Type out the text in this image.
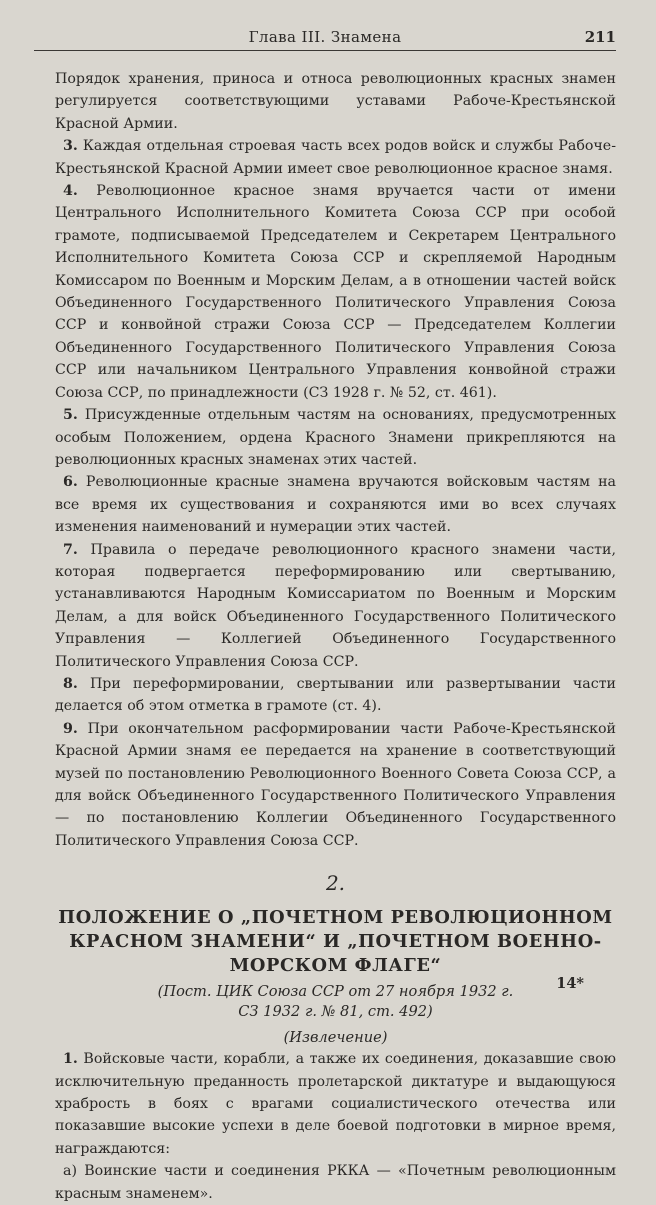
Глава III. Знамена	211

Порядок хранения, приноса и относа революционных красных знамен регулируется соответствующими уставами Рабоче-Крестьянской Красной Армии.

3. Каждая отдельная строевая часть всех родов войск и службы Рабоче-Крестьянской Красной Армии имеет свое революционное красное знамя.

4. Революционное красное знамя вручается части от имени Центрального Исполнительного Комитета Союза ССР при особой грамоте, подписываемой Председателем и Секретарем Центрального Исполнительного Комитета Союза ССР и скрепляемой Народным Комиссаром по Военным и Морским Делам, а в отношении частей войск Объединенного Государственного Политического Управления Союза ССР и конвойной стражи Союза ССР — Председателем Коллегии Объединенного Государственного Политического Управления Союза ССР или начальником Центрального Управления конвойной стражи Союза ССР, по принадлежности (СЗ 1928 г. № 52, ст. 461).

5. Присужденные отдельным частям на основаниях, предусмотренных особым Положением, ордена Красного Знамени прикрепляются на революционных красных знаменах этих частей.

6. Революционные красные знамена вручаются войсковым частям на все время их существования и сохраняются ими во всех случаях изменения наименований и нумерации этих частей.

7. Правила о передаче революционного красного знамени части, которая подвергается переформированию или свертыванию, устанавливаются Народным Комиссариатом по Военным и Морским Делам, а для войск Объединенного Государственного Политического Управления — Коллегией Объединенного Государственного Политического Управления Союза ССР.

8. При переформировании, свертывании или развертывании части делается об этом отметка в грамоте (ст. 4).

9. При окончательном расформировании части Рабоче-Крестьянской Красной Армии знамя ее передается на хранение в соответствующий музей по постановлению Революционного Военного Совета Союза ССР, а для войск Объединенного Государственного Политического Управления — по постановлению Коллегии Объединенного Государственного Политического Управления Союза ССР.

2.
ПОЛОЖЕНИЕ О „ПОЧЕТНОМ РЕВОЛЮЦИОННОМ КРАСНОМ ЗНАМЕНИ“ И „ПОЧЕТНОМ ВОЕННО-МОРСКОМ ФЛАГЕ“
(Пост. ЦИК Союза ССР от 27 ноября 1932 г.
СЗ 1932 г. № 81, ст. 492)
(Извлечение)

1. Войсковые части, корабли, а также их соединения, доказавшие свою исключительную преданность пролетарской диктатуре и выдающуюся храбрость в боях с врагами социалистического отечества или показавшие высокие успехи в деле боевой подготовки в мирное время, награждаются:

а) Воинские части и соединения РККА — «Почетным революционным красным знаменем».

14*
